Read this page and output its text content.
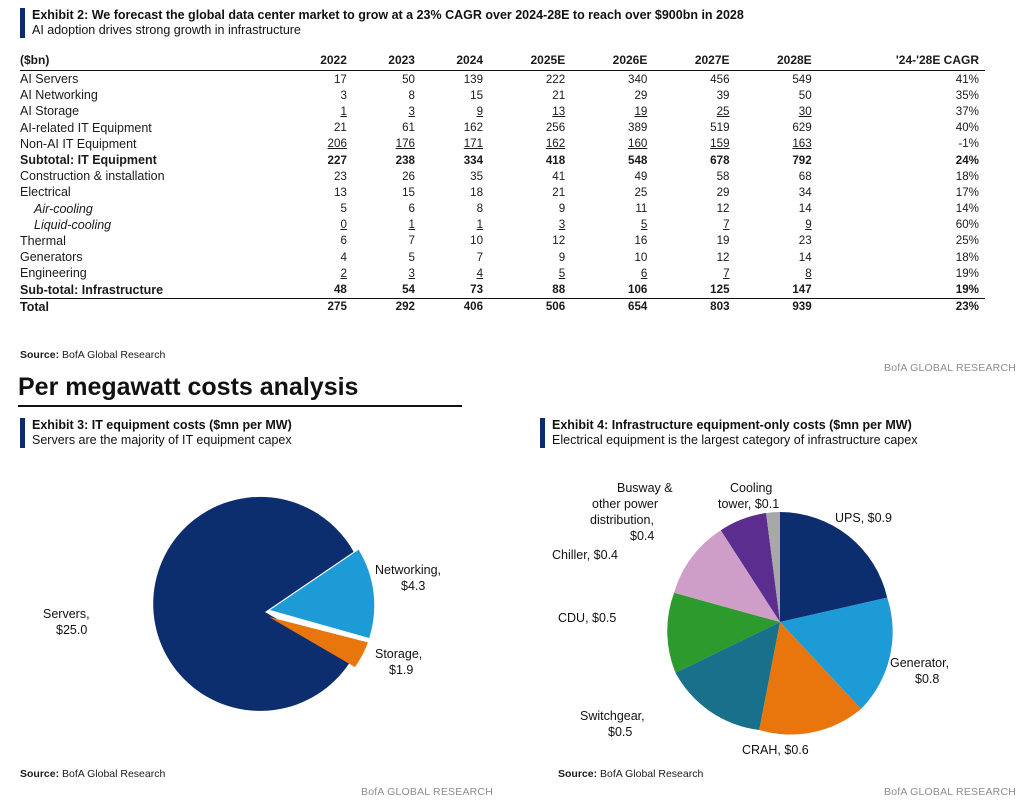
Exhibit 2: We forecast the global data center market to grow at a 23% CAGR over 2024-28E to reach over $900bn in 2028
AI adoption drives strong growth in infrastructure
($bn)	2022	2023	2024	2025E	2026E	2027E	2028E	'24-'28E CAGR
AI Servers	17	50	139	222	340	456	549	41%
AI Networking	3	8	15	21	29	39	50	35%
AI Storage	1	3	9	13	19	25	30	37%
AI-related IT Equipment	21	61	162	256	389	519	629	40%
Non-AI IT Equipment	206	176	171	162	160	159	163	-1%
Subtotal: IT Equipment	227	238	334	418	548	678	792	24%
Construction & installation	23	26	35	41	49	58	68	18%
Electrical	13	15	18	21	25	29	34	17%
Air-cooling	5	6	8	9	11	12	14	14%
Liquid-cooling	0	1	1	3	5	7	9	60%
Thermal	6	7	10	12	16	19	23	25%
Generators	4	5	7	9	10	12	14	18%
Engineering	2	3	4	5	6	7	8	19%
Sub-total: Infrastructure	48	54	73	88	106	125	147	19%
Total	275	292	406	506	654	803	939	23%
Source: BofA Global Research
BofA GLOBAL RESEARCH
Per megawatt costs analysis
Exhibit 3: IT equipment costs ($mn per MW)
Servers are the majority of IT equipment capex
Networking,
$4.3
Storage,
$1.9
Servers,
$25.0
Source: BofA Global Research
BofA GLOBAL RESEARCH
Exhibit 4: Infrastructure equipment-only costs ($mn per MW)
Electrical equipment is the largest category of infrastructure capex
Busway &
other power
distribution,
$0.4
Cooling
tower, $0.1
UPS, $0.9
Chiller, $0.4
CDU, $0.5
Switchgear,
$0.5
CRAH, $0.6
Generator,
$0.8
Source: BofA Global Research
BofA GLOBAL RESEARCH
